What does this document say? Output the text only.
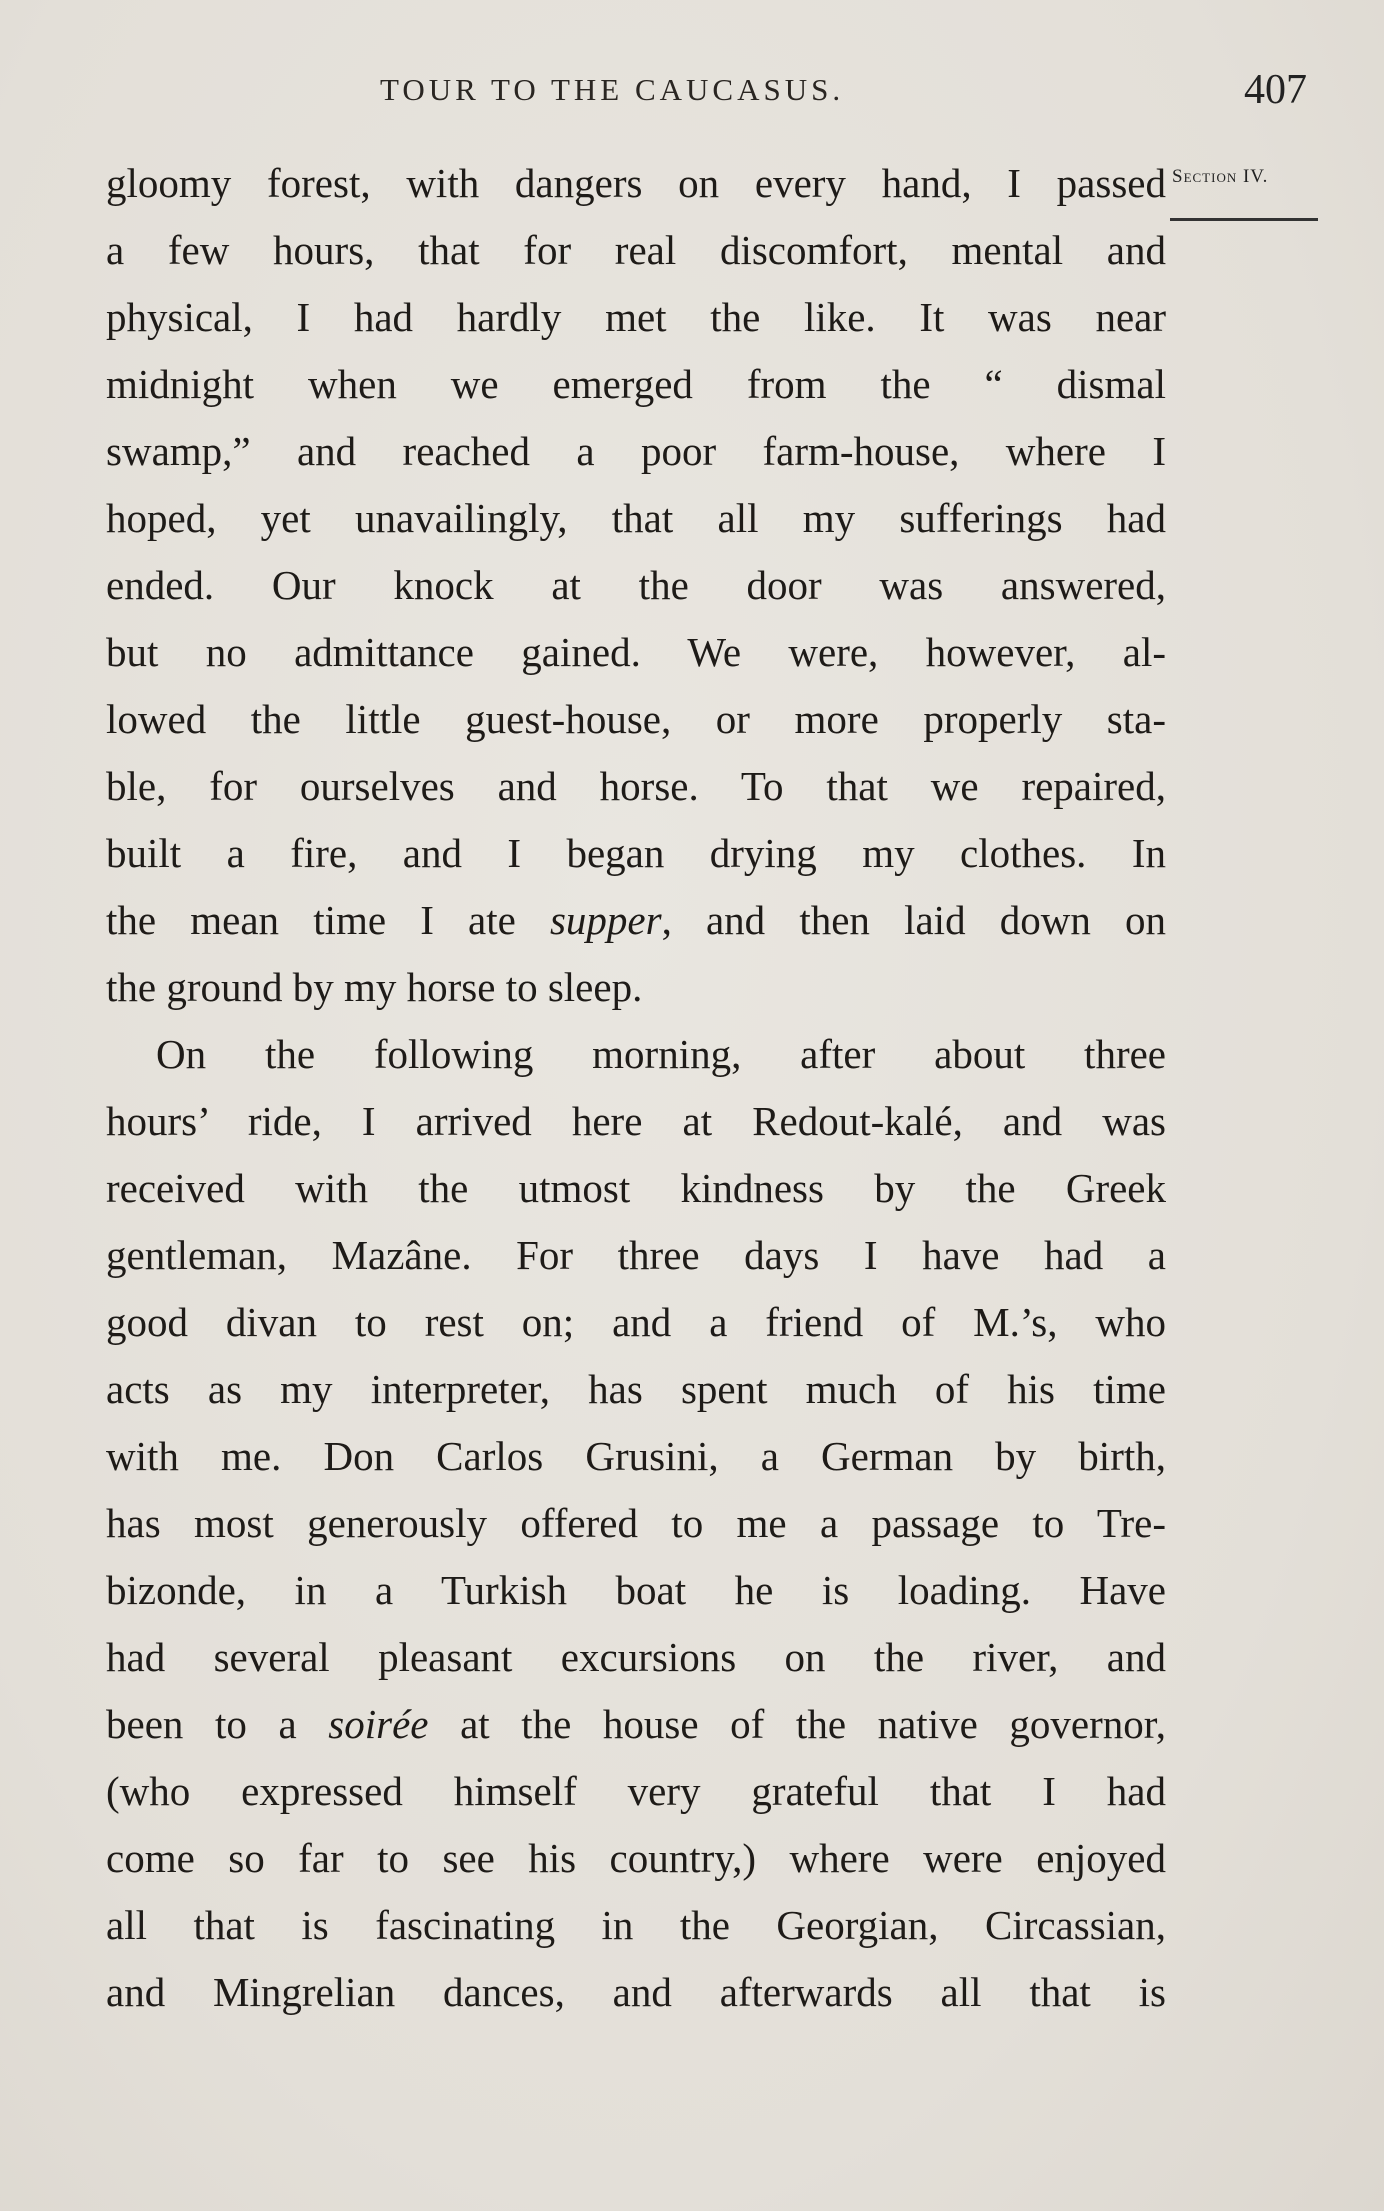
TOUR TO THE CAUCASUS.	407
Section IV.
gloomy forest, with dangers on every hand, I passed
a few hours, that for real discomfort, mental and
physical, I had hardly met the like. It was near
midnight when we emerged from the “ dismal
swamp,” and reached a poor farm-house, where I
hoped, yet unavailingly, that all my sufferings had
ended. Our knock at the door was answered,
but no admittance gained. We were, however, al-
lowed the little guest-house, or more properly sta-
ble, for ourselves and horse. To that we repaired,
built a fire, and I began drying my clothes. In
the mean time I ate supper, and then laid down on
the ground by my horse to sleep.
On the following morning, after about three
hours’ ride, I arrived here at Redout-kalé, and was
received with the utmost kindness by the Greek
gentleman, Mazâne. For three days I have had a
good divan to rest on; and a friend of M.’s, who
acts as my interpreter, has spent much of his time
with me. Don Carlos Grusini, a German by birth,
has most generously offered to me a passage to Tre-
bizonde, in a Turkish boat he is loading. Have
had several pleasant excursions on the river, and
been to a soirée at the house of the native governor,
(who expressed himself very grateful that I had
come so far to see his country,) where were enjoyed
all that is fascinating in the Georgian, Circassian,
and Mingrelian dances, and afterwards all that is
